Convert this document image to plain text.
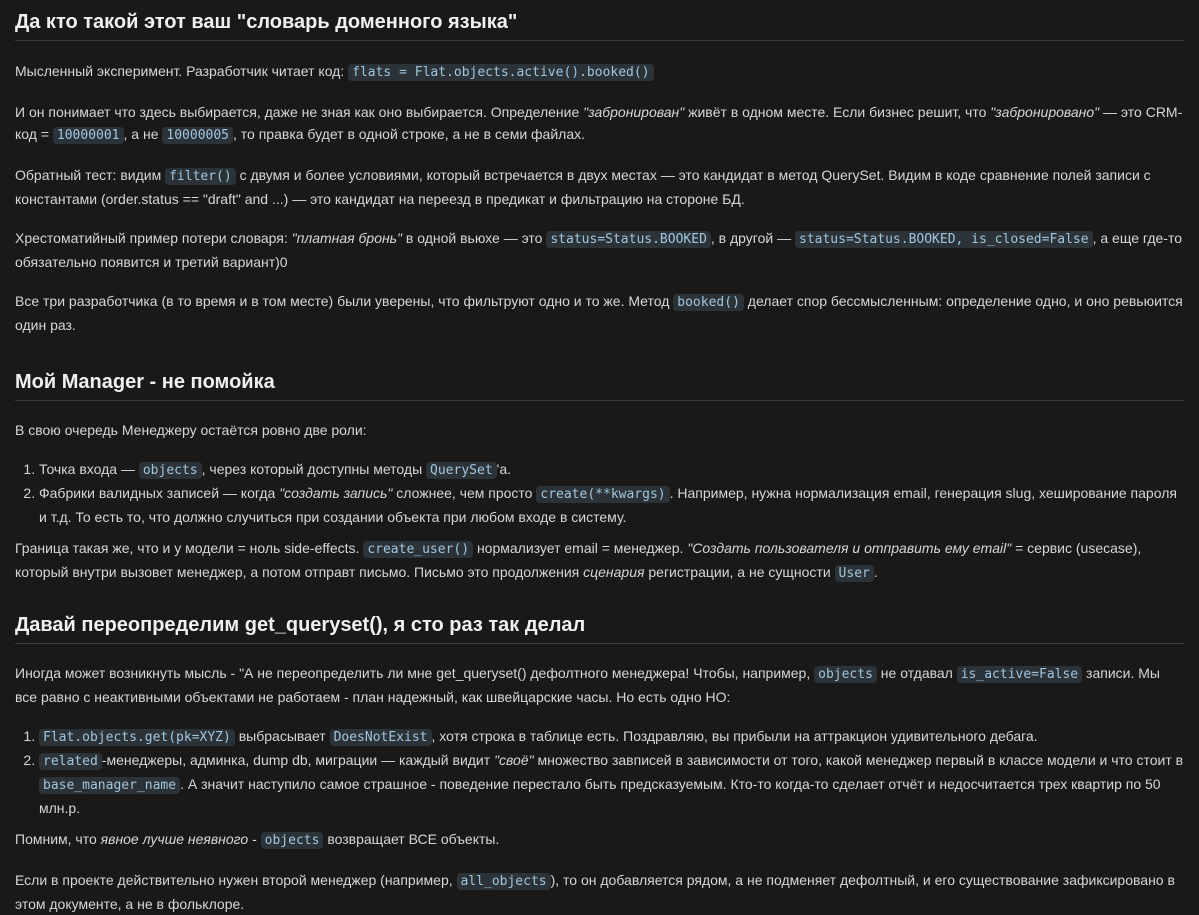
Да кто такой этот ваш "словарь доменного языка"

Мысленный эксперимент. Разработчик читает код: flats = Flat.objects.active().booked()

И он понимает что здесь выбирается, даже не зная как оно выбирается. Определение "забронирован" живёт в одном месте. Если бизнес решит, что "забронировано" — это CRM-код = 10000001 , а не 10000005 , то правка будет в одной строке, а не в семи файлах.

Обратный тест: видим filter() с двумя и более условиями, который встречается в двух местах — это кандидат в метод QuerySet. Видим в коде сравнение полей записи с константами (order.status == "draft" and ...) — это кандидат на переезд в предикат и фильтрацию на стороне БД.

Хрестоматийный пример потери словаря: "платная бронь" в одной вьюхе — это status=Status.BOOKED , в другой — status=Status.BOOKED, is_closed=False , а еще где-то обязательно появится и третий вариант)0

Все три разработчика (в то время и в том месте) были уверены, что фильтруют одно и то же. Метод booked() делает спор бессмысленным: определение одно, и оно ревьюится один раз.

Мой Manager - не помойка

В свою очередь Менеджеру остаётся ровно две роли:

1. Точка входа — objects , через который доступны методы QuerySet 'а.
2. Фабрики валидных записей — когда "создать запись" сложнее, чем просто create(**kwargs) . Например, нужна нормализация email, генерация slug, хеширование пароля и т.д. То есть то, что должно случиться при создании объекта при любом входе в систему.

Граница такая же, что и у модели = ноль side-effects. create_user() нормализует email = менеджер. "Создать пользователя и отправить ему email" = сервис (usecase), который внутри вызовет менеджер, а потом отправт письмо. Письмо это продолжения сценария регистрации, а не сущности User .

Давай переопределим get_queryset(), я сто раз так делал

Иногда может возникнуть мысль - "А не переопределить ли мне get_queryset() дефолтного менеджера! Чтобы, например, objects не отдавал is_active=False записи. Мы все равно с неактивными объектами не работаем - план надежный, как швейцарские часы. Но есть одно НО:

1. Flat.objects.get(pk=XYZ) выбрасывает DoesNotExist , хотя строка в таблице есть. Поздравляю, вы прибыли на аттракцион удивительного дебага.
2. related -менеджеры, админка, dump db, миграции — каждый видит "своё" множество завписей в зависимости от того, какой менеджер первый в классе модели и что стоит в base_manager_name . А значит наступило самое страшное - поведение перестало быть предсказуемым. Кто-то когда-то сделает отчёт и недосчитается трех квартир по 50 млн.р.

Помним, что явное лучше неявного - objects возвращает ВСЕ объекты.

Если в проекте действительно нужен второй менеджер (например, all_objects ), то он добавляется рядом, а не подменяет дефолтный, и его существование зафиксировано в этом документе, а не в фольклоре.
